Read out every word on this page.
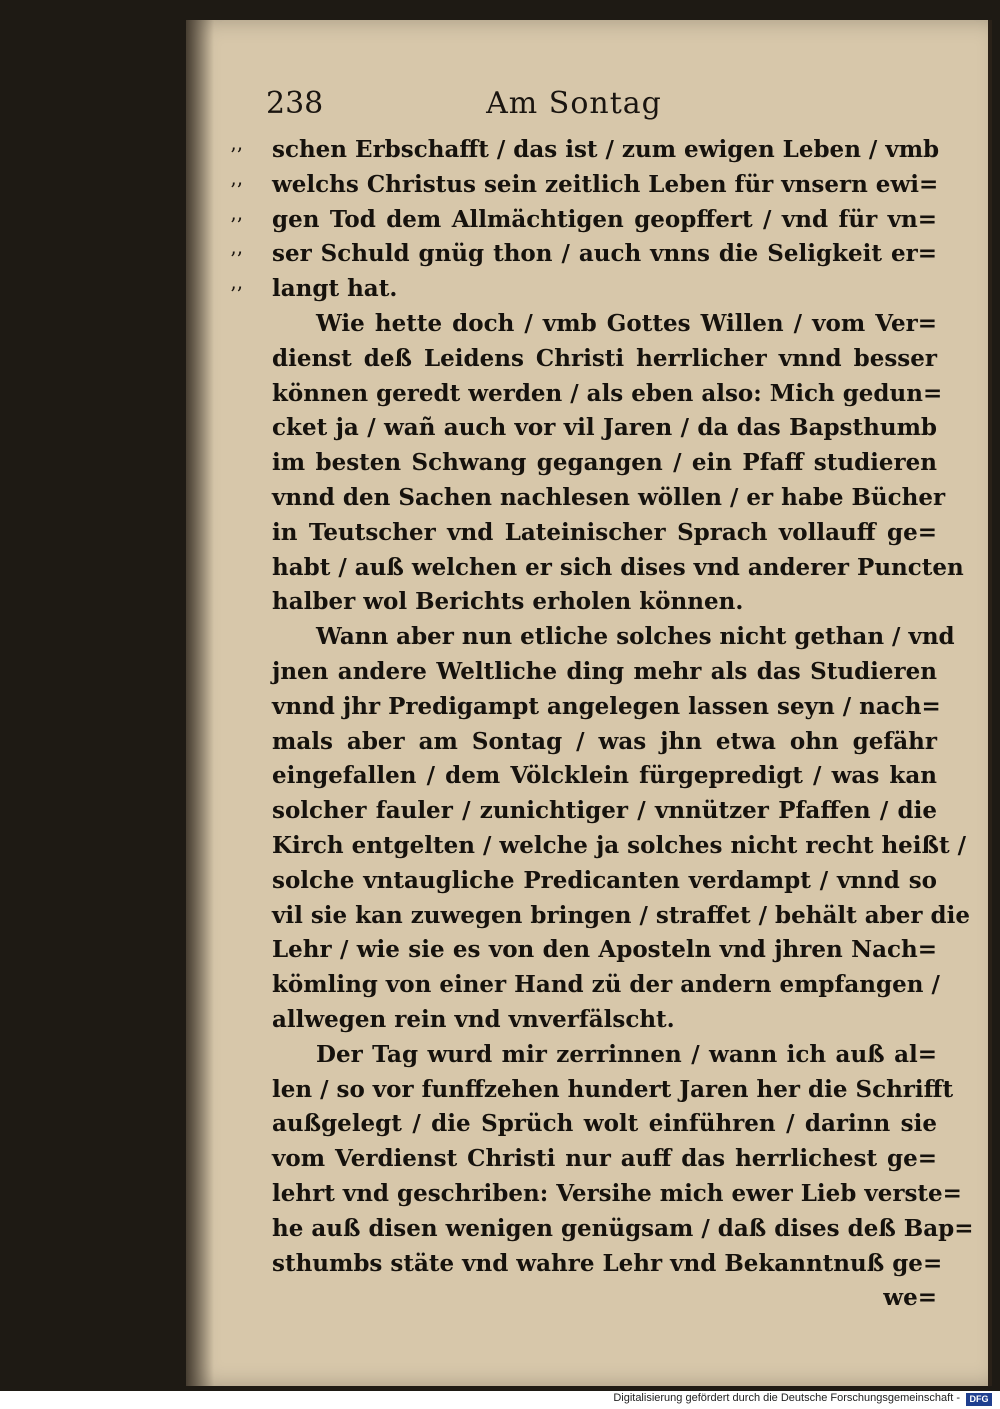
238	Am Sontag
’’
’’
’’
’’
’’
schen Erbschafft / das ist / zum ewigen Leben / vmb
welchs Christus sein zeitlich Leben für vnsern ewi=
gen Tod dem Allmächtigen geopffert / vnd für vn=
ser Schuld gnüg thon / auch vnns die Seligkeit er=
langt hat.
Wie hette doch / vmb Gottes Willen / vom Ver=
dienst deß Leidens Christi herrlicher vnnd besser
können geredt werden / als eben also: Mich gedun=
cket ja / wañ auch vor vil Jaren / da das Bapsthumb
im besten Schwang gegangen / ein Pfaff studieren
vnnd den Sachen nachlesen wöllen / er habe Bücher
in Teutscher vnd Lateinischer Sprach vollauff ge=
habt / auß welchen er sich dises vnd anderer Puncten
halber wol Berichts erholen können.
Wann aber nun etliche solches nicht gethan / vnd
jnen andere Weltliche ding mehr als das Studieren
vnnd jhr Predigampt angelegen lassen seyn / nach=
mals aber am Sontag / was jhn etwa ohn gefähr
eingefallen / dem Völcklein fürgepredigt / was kan
solcher fauler / zunichtiger / vnnützer Pfaffen / die
Kirch entgelten / welche ja solches nicht recht heißt /
solche vntaugliche Predicanten verdampt / vnnd so
vil sie kan zuwegen bringen / straffet / behält aber die
Lehr / wie sie es von den Aposteln vnd jhren Nach=
kömling von einer Hand zü der andern empfangen /
allwegen rein vnd vnverfälscht.
Der Tag wurd mir zerrinnen / wann ich auß al=
len / so vor funffzehen hundert Jaren her die Schrifft
außgelegt / die Sprüch wolt einführen / darinn sie
vom Verdienst Christi nur auff das herrlichest ge=
lehrt vnd geschriben: Versihe mich ewer Lieb verste=
he auß disen wenigen genügsam / daß dises deß Bap=
sthumbs stäte vnd wahre Lehr vnd Bekanntnuß ge=
we=
Digitalisierung gefördert durch die Deutsche Forschungsgemeinschaft -	DFG
